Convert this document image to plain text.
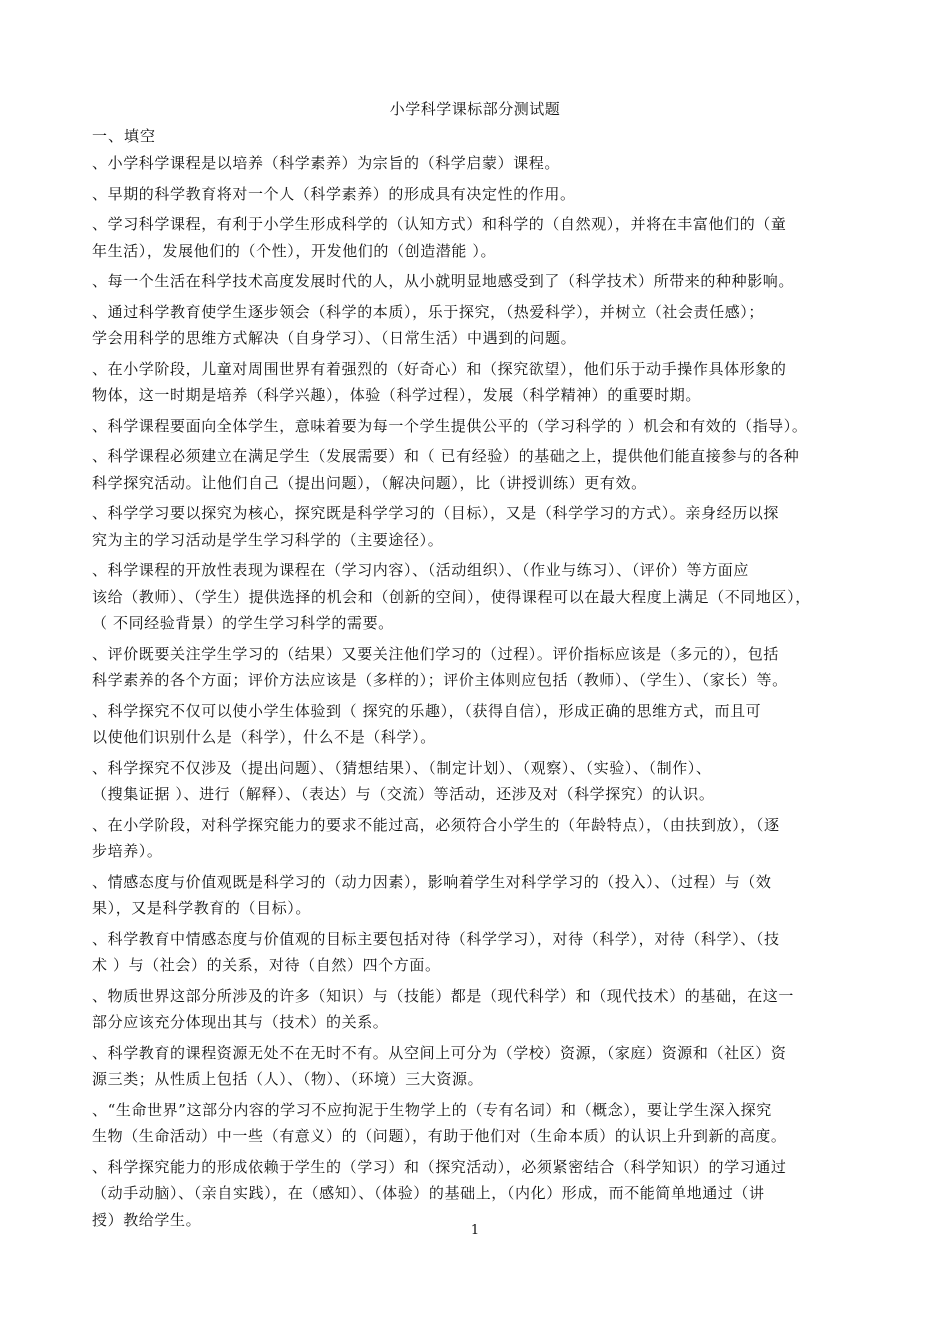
小学科学课标部分测试题
一、填空
、小学科学课程是以培养（科学素养）为宗旨的（科学启蒙）课程。
、早期的科学教育将对一个人（科学素养）的形成具有决定性的作用。
、学习科学课程，有利于小学生形成科学的（认知方式）和科学的（自然观），并将在丰富他们的（童
年生活），发展他们的（个性），开发他们的（创造潜能 ）。
、每一个生活在科学技术高度发展时代的人，从小就明显地感受到了（科学技术）所带来的种种影响。
、通过科学教育使学生逐步领会（科学的本质），乐于探究，（热爱科学），并树立（社会责任感）；
学会用科学的思维方式解决（自身学习）、（日常生活）中遇到的问题。
、在小学阶段，儿童对周围世界有着强烈的（好奇心）和（探究欲望），他们乐于动手操作具体形象的
物体，这一时期是培养（科学兴趣），体验（科学过程），发展（科学精神）的重要时期。
、科学课程要面向全体学生，意味着要为每一个学生提供公平的（学习科学的 ）机会和有效的（指导）。
、科学课程必须建立在满足学生（发展需要）和（ 已有经验）的基础之上，提供他们能直接参与的各种
科学探究活动。让他们自己（提出问题），（解决问题），比（讲授训练）更有效。
、科学学习要以探究为核心，探究既是科学学习的（目标），又是（科学学习的方式）。亲身经历以探
究为主的学习活动是学生学习科学的（主要途径）。
、科学课程的开放性表现为课程在（学习内容）、（活动组织）、（作业与练习）、（评价）等方面应
该给（教师）、（学生）提供选择的机会和（创新的空间），使得课程可以在最大程度上满足（不同地区），
（ 不同经验背景）的学生学习科学的需要。
、评价既要关注学生学习的（结果）又要关注他们学习的（过程）。评价指标应该是（多元的），包括
科学素养的各个方面；评价方法应该是（多样的）；评价主体则应包括（教师）、（学生）、（家长）等。
、科学探究不仅可以使小学生体验到（ 探究的乐趣），（获得自信），形成正确的思维方式，而且可
以使他们识别什么是（科学），什么不是（科学）。
、科学探究不仅涉及（提出问题）、（猜想结果）、（制定计划）、（观察）、（实验）、（制作）、
（搜集证据 ）、进行（解释）、（表达）与（交流）等活动，还涉及对（科学探究）的认识。
、在小学阶段，对科学探究能力的要求不能过高，必须符合小学生的（年龄特点），（由扶到放），（逐
步培养）。
、情感态度与价值观既是科学习的（动力因素），影响着学生对科学学习的（投入）、（过程）与（效
果），又是科学教育的（目标）。
、科学教育中情感态度与价值观的目标主要包括对待（科学学习），对待（科学），对待（科学）、（技
术 ）与（社会）的关系，对待（自然）四个方面。
、物质世界这部分所涉及的许多（知识）与（技能）都是（现代科学）和（现代技术）的基础，在这一
部分应该充分体现出其与（技术）的关系。
、科学教育的课程资源无处不在无时不有。从空间上可分为（学校）资源，（家庭）资源和（社区）资
源三类；从性质上包括（人）、（物）、（环境）三大资源。
、“生命世界”这部分内容的学习不应拘泥于生物学上的（专有名词）和（概念），要让学生深入探究
生物（生命活动）中一些（有意义）的（问题），有助于他们对（生命本质）的认识上升到新的高度。
、科学探究能力的形成依赖于学生的（学习）和（探究活动），必须紧密结合（科学知识）的学习通过
（动手动脑）、（亲自实践），在（感知）、（体验）的基础上，（内化）形成，而不能简单地通过（讲
授）教给学生。
1
